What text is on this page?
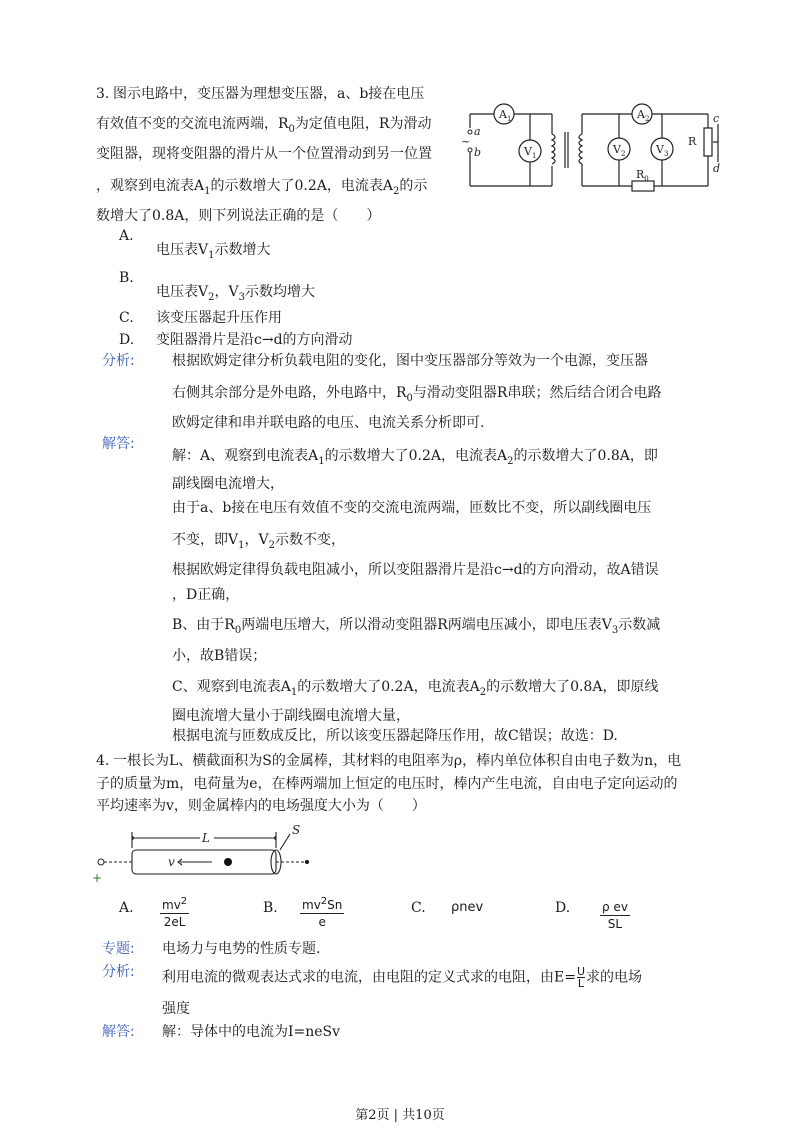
3. 图示电路中，变压器为理想变压器，a、b接在电压
有效值不变的交流电流两端，$R_0$为定值电阻，R为滑动
变阻器，现将变阻器的滑片从一个位置滑动到另一位置
，观察到电流表$A_1$的示数增大了0.2A，电流表$A_2$的示
数增大了0.8A，则下列说法正确的是（　　）
$A_1$	$A_2$
$V_1$	$V_2$	$V_3$
R
$R_0$
a
b
~
c
d
A.
电压表$V_1$示数增大
B.
电压表$V_2$，$V_3$示数均增大
C. 该变压器起升压作用
D. 变阻器滑片是沿c→d的方向滑动
分析:	根据欧姆定律分析负载电阻的变化，图中变压器部分等效为一个电源，变压器
右侧其余部分是外电路，外电路中，$R_0$与滑动变阻器R串联；然后结合闭合电路
欧姆定律和串并联电路的电压、电流关系分析即可.
解答:
解：A、观察到电流表$A_1$的示数增大了0.2A，电流表$A_2$的示数增大了0.8A，即
副线圈电流增大，
由于a、b接在电压有效值不变的交流电流两端，匝数比不变，所以副线圈电压
不变，即$V_1$，$V_2$示数不变，
根据欧姆定律得负载电阻减小，所以变阻器滑片是沿c→d的方向滑动，故A错误
，D正确，
B、由于$R_0$两端电压增大，所以滑动变阻器R两端电压减小，即电压表$V_3$示数减
小，故B错误；
C、观察到电流表$A_1$的示数增大了0.2A，电流表$A_2$的示数增大了0.8A，即原线
圈电流增大量小于副线圈电流增大量，
根据电流与匝数成反比，所以该变压器起降压作用，故C错误；故选：D.
4. 一根长为L、横截面积为S的金属棒，其材料的电阻率为ρ，棒内单位体积自由电子数为n，电
子的质量为m，电荷量为e，在棒两端加上恒定的电压时，棒内产生电流，自由电子定向运动的
平均速率为v，则金属棒内的电场强度大小为（　　）
L
S
v
+
A. $mv^2$
2eL
B. $mv^2Sn$
e
C. ρnev	D.	ρ ev
SL
专题: 电场力与电势的性质专题.
分析: 利用电流的微观表达式求的电流，由电阻的定义式求的电阻，由$E= \frac{U}{L}$ 求的电场
强度
解答: 解：导体中的电流为I=neSv
第2页 | 共10页
